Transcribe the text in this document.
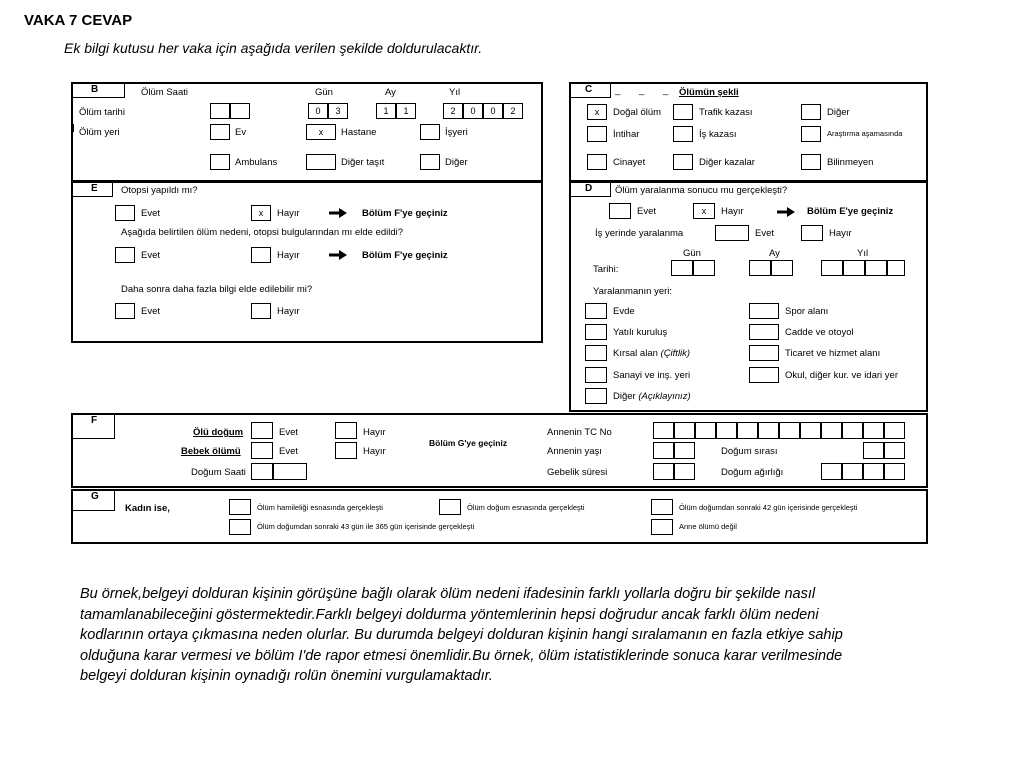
VAKA 7 CEVAP
Ek bilgi kutusu her vaka için aşağıda verilen şekilde doldurulacaktır.
B	Ölüm Saati	Gün	Ay	Yıl
Ölüm tarihi	0	3	1	1	2	0	0	2
Ölüm yeri	Ev	x	Hastane	İşyeri
Ambulans	Diğer taşıt	Diğer
C	_ _ _ Ölümün şekli
x	Doğal ölüm	Trafik kazası	Diğer
İntihar	İş kazası	Araştırma aşamasında
Cinayet	Diğer kazalar	Bilinmeyen
E	Otopsi yapıldı mı?
Evet	x	Hayır	Bölüm F'ye geçiniz
Aşağıda belirtilen ölüm nedeni, otopsi bulgularından mı elde edildi?
Evet	Hayır	Bölüm F'ye geçiniz
Daha sonra daha fazla bilgi elde edilebilir mi?
Evet	Hayır
D	Ölüm yaralanma sonucu mu gerçekleşti?
Evet	x	Hayır	Bölüm E'ye geçiniz
İş yerinde yaralanma	Evet	Hayır
Gün	Ay	Yıl
Tarihi:
Yaralanmanın yeri:
Evde	Spor alanı
Yatılı kuruluş	Cadde ve otoyol
Kırsal alan (Çiftlik)	Ticaret ve hizmet alanı
Sanayi ve inş. yeri	Okul, diğer kur. ve idari yer
Diğer (Açıklayınız)
F
Ölü doğum	Evet	Hayır
Bebek ölümü	Evet	Hayır
Bölüm G'ye geçiniz
Doğum Saati
Annenin TC No
Annenin yaşı	Doğum sırası
Gebelik süresi	Doğum ağırlığı
G
Kadın ise,	Ölüm hamileliği esnasında gerçekleşti	Ölüm doğum esnasında gerçekleşti	Ölüm doğumdan sonraki 42 gün içerisinde gerçekleşti
Ölüm doğumdan sonraki 43 gün ile 365 gün içerisinde gerçekleşti	Anne ölümü değil
Bu örnek,belgeyi dolduran kişinin görüşüne bağlı olarak ölüm nedeni ifadesinin farklı yollarla doğru bir şekilde nasıl tamamlanabileceğini göstermektedir.Farklı belgeyi doldurma yöntemlerinin hepsi doğrudur ancak farklı ölüm nedeni kodlarının ortaya çıkmasına neden olurlar. Bu durumda belgeyi dolduran kişinin hangi sıralamanın en fazla etkiye sahip olduğuna karar vermesi ve bölüm I'de rapor etmesi önemlidir.Bu örnek, ölüm istatistiklerinde sonuca karar verilmesinde belgeyi dolduran kişinin oynadığı rolün önemini vurgulamaktadır.
